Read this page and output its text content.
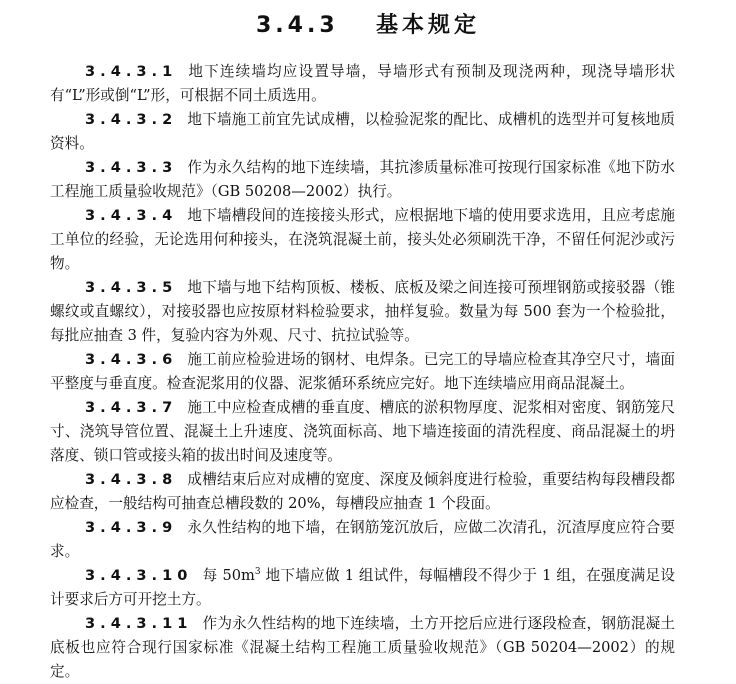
3.4.3 基本规定

3.4.3.1 地下连续墙均应设置导墙，导墙形式有预制及现浇两种，现浇导墙形状有“L”形或倒“L”形，可根据不同土质选用。

3.4.3.2 地下墙施工前宜先试成槽，以检验泥浆的配比、成槽机的选型并可复核地质资料。

3.4.3.3 作为永久结构的地下连续墙，其抗渗质量标准可按现行国家标准《地下防水工程施工质量验收规范》（GB 50208—2002）执行。

3.4.3.4 地下墙槽段间的连接接头形式，应根据地下墙的使用要求选用，且应考虑施工单位的经验，无论选用何种接头，在浇筑混凝土前，接头处必须刷洗干净，不留任何泥沙或污物。

3.4.3.5 地下墙与地下结构顶板、楼板、底板及梁之间连接可预埋钢筋或接驳器（锥螺纹或直螺纹），对接驳器也应按原材料检验要求，抽样复验。数量为每 500 套为一个检验批，每批应抽查 3 件，复验内容为外观、尺寸、抗拉试验等。

3.4.3.6 施工前应检验进场的钢材、电焊条。已完工的导墙应检查其净空尺寸，墙面平整度与垂直度。检查泥浆用的仪器、泥浆循环系统应完好。地下连续墙应用商品混凝土。

3.4.3.7 施工中应检查成槽的垂直度、槽底的淤积物厚度、泥浆相对密度、钢筋笼尺寸、浇筑导管位置、混凝土上升速度、浇筑面标高、地下墙连接面的清洗程度、商品混凝土的坍落度、锁口管或接头箱的拔出时间及速度等。

3.4.3.8 成槽结束后应对成槽的宽度、深度及倾斜度进行检验，重要结构每段槽段都应检查，一般结构可抽查总槽段数的 20%，每槽段应抽查 1 个段面。

3.4.3.9 永久性结构的地下墙，在钢筋笼沉放后，应做二次清孔，沉渣厚度应符合要求。

3.4.3.10 每 $50m^3$ 地下墙应做 1 组试件，每幅槽段不得少于 1 组，在强度满足设计要求后方可开挖土方。

3.4.3.11 作为永久性结构的地下连续墙，土方开挖后应进行逐段检查，钢筋混凝土底板也应符合现行国家标准《混凝土结构工程施工质量验收规范》（GB 50204—2002）的规定。
